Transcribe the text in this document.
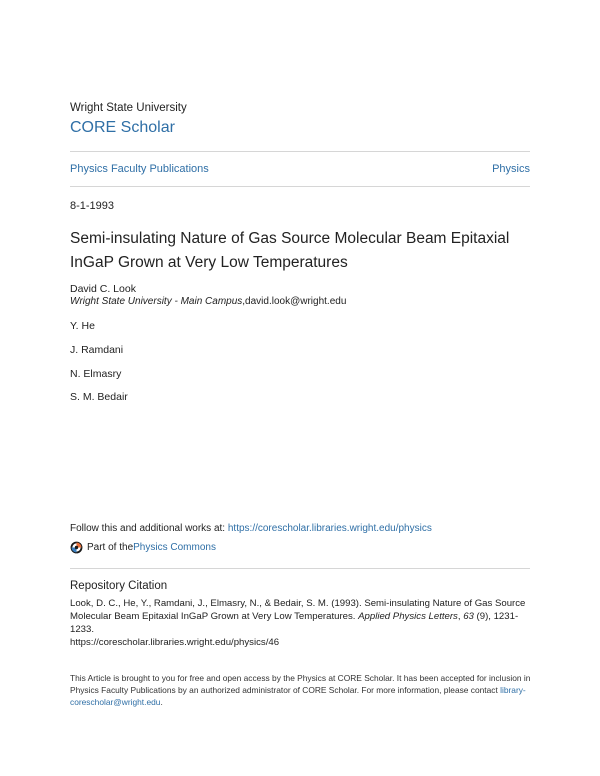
Wright State University
CORE Scholar
Physics Faculty Publications	Physics
8-1-1993
Semi-insulating Nature of Gas Source Molecular Beam Epitaxial InGaP Grown at Very Low Temperatures
David C. Look
Wright State University - Main Campus,david.look@wright.edu
Y. He
J. Ramdani
N. Elmasry
S. M. Bedair
Follow this and additional works at: https://corescholar.libraries.wright.edu/physics
Part of the Physics Commons
Repository Citation
Look, D. C., He, Y., Ramdani, J., Elmasry, N., & Bedair, S. M. (1993). Semi-insulating Nature of Gas Source Molecular Beam Epitaxial InGaP Grown at Very Low Temperatures. Applied Physics Letters, 63 (9), 1231-1233.
https://corescholar.libraries.wright.edu/physics/46
This Article is brought to you for free and open access by the Physics at CORE Scholar. It has been accepted for inclusion in Physics Faculty Publications by an authorized administrator of CORE Scholar. For more information, please contact library-corescholar@wright.edu.
